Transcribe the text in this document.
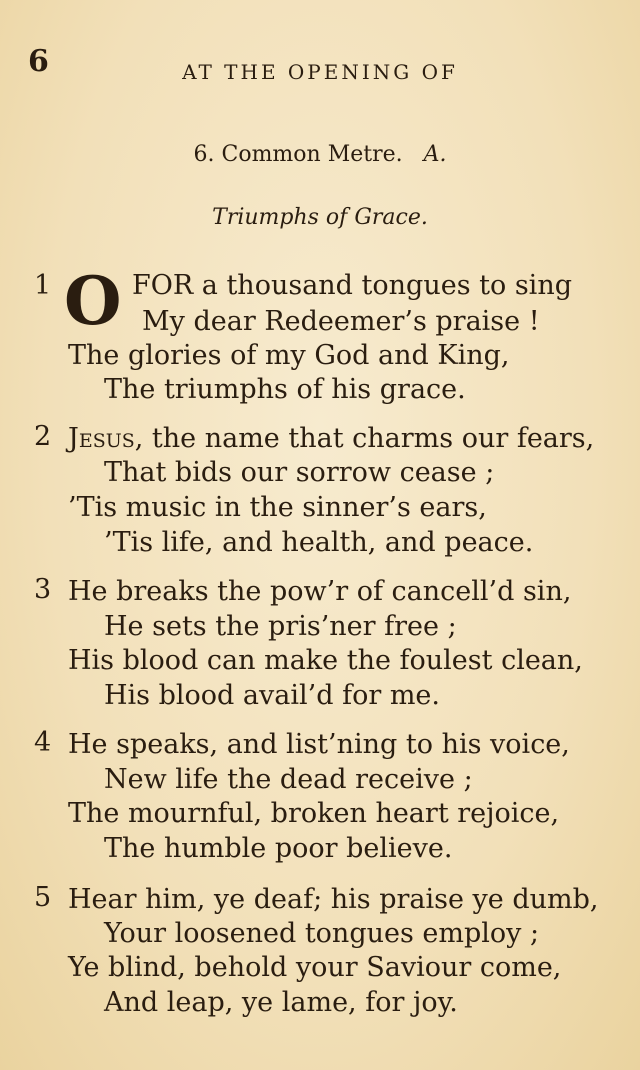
6	AT THE OPENING OF
6. Common Metre. A.
Triumphs of Grace.
1 O FOR a thousand tongues to sing
My dear Redeemer’s praise !
The glories of my God and King,
The triumphs of his grace.
2 Jesus, the name that charms our fears,
That bids our sorrow cease ;
’Tis music in the sinner’s ears,
’Tis life, and health, and peace.
3 He breaks the pow’r of cancell’d sin,
He sets the pris’ner free ;
His blood can make the foulest clean,
His blood avail’d for me.
4 He speaks, and list’ning to his voice,
New life the dead receive ;
The mournful, broken heart rejoice,
The humble poor believe.
5 Hear him, ye deaf; his praise ye dumb,
Your loosened tongues employ ;
Ye blind, behold your Saviour come,
And leap, ye lame, for joy.
